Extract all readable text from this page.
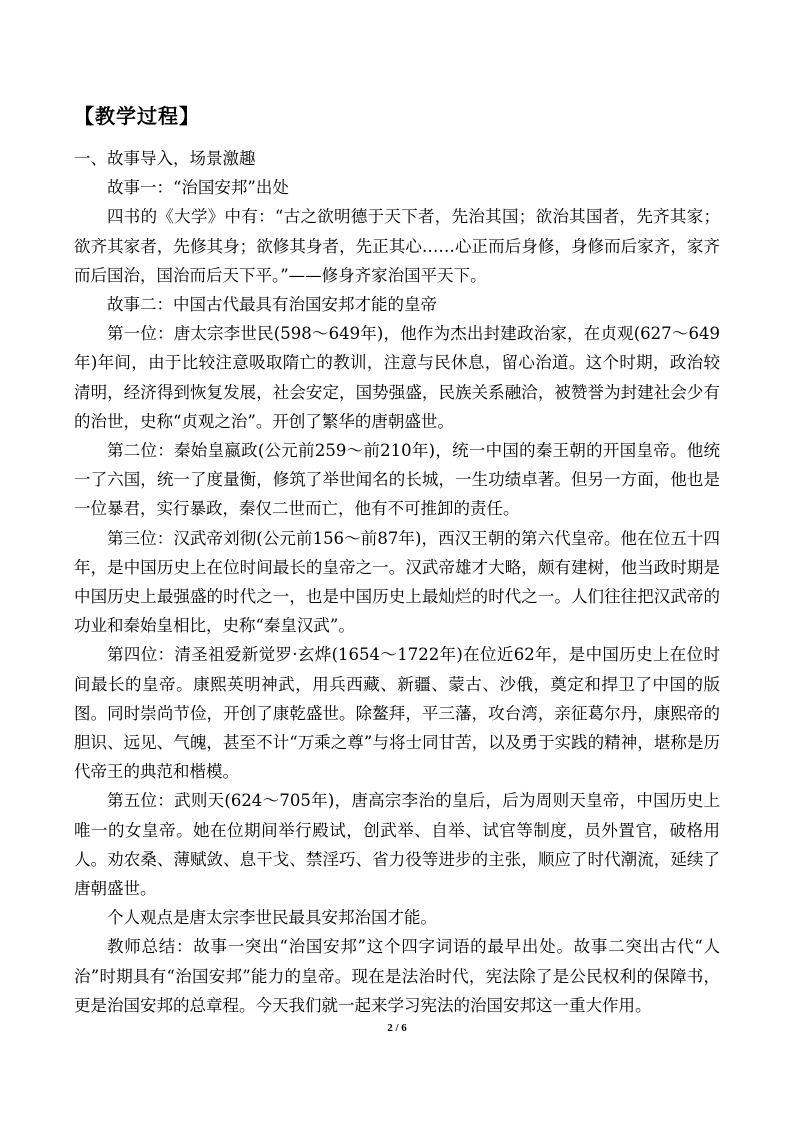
【教学过程】

一、故事导入，场景激趣

故事一：“治国安邦”出处

四书的《大学》中有：“古之欲明德于天下者，先治其国；欲治其国者，先齐其家；欲齐其家者，先修其身；欲修其身者，先正其心……心正而后身修，身修而后家齐，家齐而后国治，国治而后天下平。”——修身齐家治国平天下。

故事二：中国古代最具有治国安邦才能的皇帝

第一位：唐太宗李世民(598～649年)，他作为杰出封建政治家，在贞观(627～649年)年间，由于比较注意吸取隋亡的教训，注意与民休息，留心治道。这个时期，政治较清明，经济得到恢复发展，社会安定，国势强盛，民族关系融洽，被赞誉为封建社会少有的治世，史称“贞观之治”。开创了繁华的唐朝盛世。

第二位：秦始皇嬴政(公元前259～前210年)，统一中国的秦王朝的开国皇帝。他统一了六国，统一了度量衡，修筑了举世闻名的长城，一生功绩卓著。但另一方面，他也是一位暴君，实行暴政，秦仅二世而亡，他有不可推卸的责任。

第三位：汉武帝刘彻(公元前156～前87年)，西汉王朝的第六代皇帝。他在位五十四年，是中国历史上在位时间最长的皇帝之一。汉武帝雄才大略，颇有建树，他当政时期是中国历史上最强盛的时代之一，也是中国历史上最灿烂的时代之一。人们往往把汉武帝的功业和秦始皇相比，史称“秦皇汉武”。

第四位：清圣祖爱新觉罗·玄烨(1654～1722年)在位近62年，是中国历史上在位时间最长的皇帝。康熙英明神武，用兵西藏、新疆、蒙古、沙俄，奠定和捍卫了中国的版图。同时崇尚节俭，开创了康乾盛世。除鳌拜，平三藩，攻台湾，亲征葛尔丹，康熙帝的胆识、远见、气魄，甚至不计“万乘之尊”与将士同甘苦，以及勇于实践的精神，堪称是历代帝王的典范和楷模。

第五位：武则天(624～705年)，唐高宗李治的皇后，后为周则天皇帝，中国历史上唯一的女皇帝。她在位期间举行殿试，创武举、自举、试官等制度，员外置官，破格用人。劝农桑、薄赋敛、息干戈、禁淫巧、省力役等进步的主张，顺应了时代潮流，延续了唐朝盛世。

个人观点是唐太宗李世民最具安邦治国才能。

教师总结：故事一突出“治国安邦”这个四字词语的最早出处。故事二突出古代“人治”时期具有“治国安邦”能力的皇帝。现在是法治时代，宪法除了是公民权利的保障书，更是治国安邦的总章程。今天我们就一起来学习宪法的治国安邦这一重大作用。

2 / 6
